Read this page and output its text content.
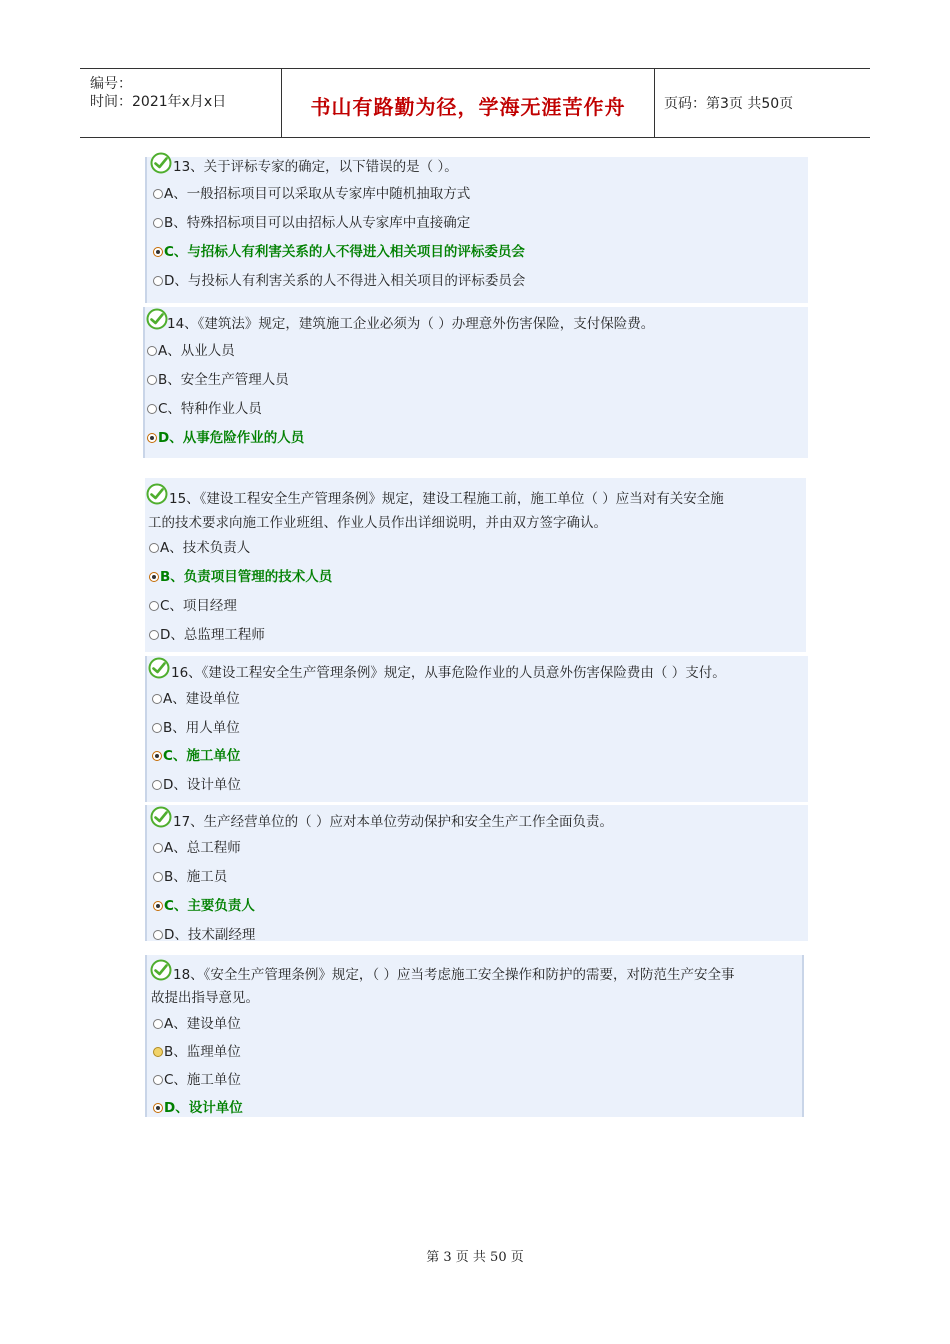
编号：
时间：2021年x月x日	书山有路勤为径，学海无涯苦作舟	页码：第3页 共50页
13、关于评标专家的确定，以下错误的是（ ）。
A、一般招标项目可以采取从专家库中随机抽取方式
B、特殊招标项目可以由招标人从专家库中直接确定
C、与招标人有利害关系的人不得进入相关项目的评标委员会
D、与投标人有利害关系的人不得进入相关项目的评标委员会
14、《建筑法》规定，建筑施工企业必须为（ ）办理意外伤害保险，支付保险费。
A、从业人员
B、安全生产管理人员
C、特种作业人员
D、从事危险作业的人员
15、《建设工程安全生产管理条例》规定，建设工程施工前，施工单位（ ）应当对有关安全施
工的技术要求向施工作业班组、作业人员作出详细说明，并由双方签字确认。
A、技术负责人
B、负责项目管理的技术人员
C、项目经理
D、总监理工程师
16、《建设工程安全生产管理条例》规定，从事危险作业的人员意外伤害保险费由（ ）支付。
A、建设单位
B、用人单位
C、施工单位
D、设计单位
17、生产经营单位的（ ）应对本单位劳动保护和安全生产工作全面负责。
A、总工程师
B、施工员
C、主要负责人
D、技术副经理
18、《安全生产管理条例》规定，（ ）应当考虑施工安全操作和防护的需要，对防范生产安全事
故提出指导意见。
A、建设单位
B、监理单位
C、施工单位
D、设计单位
第 3 页 共 50 页
